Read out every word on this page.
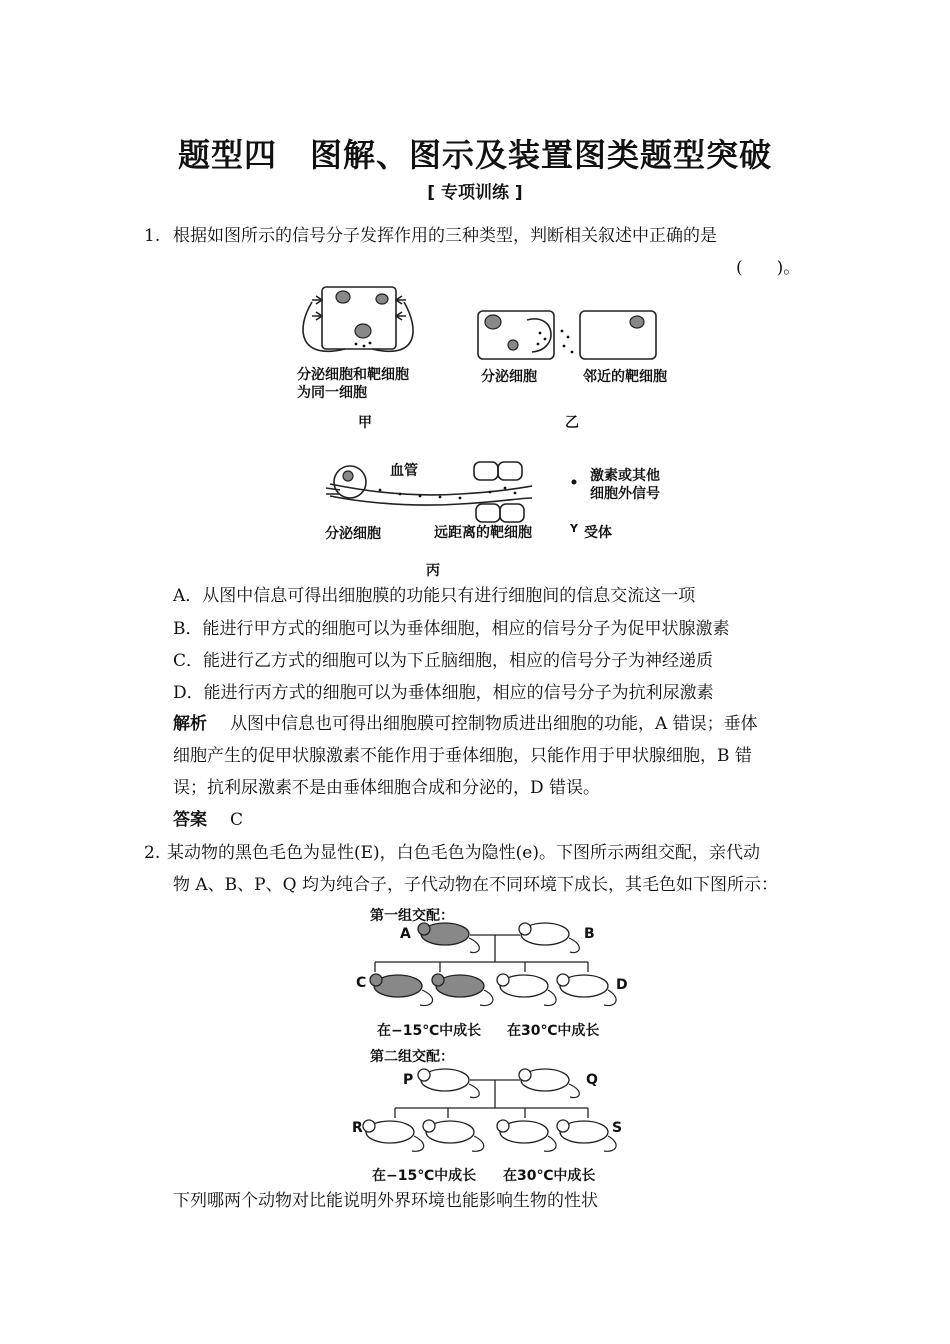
题型四　图解、图示及装置图类题型突破
[ 专项训练 ]
1. 根据如图所示的信号分子发挥作用的三种类型，判断相关叙述中正确的是
(　　)。
分泌细胞和靶细胞
为同一细胞
甲
分泌细胞	邻近的靶细胞
乙
血管
分泌细胞	远距离的靶细胞
丙
激素或其他
细胞外信号
Y 受体
A．从图中信息可得出细胞膜的功能只有进行细胞间的信息交流这一项
B．能进行甲方式的细胞可以为垂体细胞，相应的信号分子为促甲状腺激素
C．能进行乙方式的细胞可以为下丘脑细胞，相应的信号分子为神经递质
D．能进行丙方式的细胞可以为垂体细胞，相应的信号分子为抗利尿激素
解析 从图中信息也可得出细胞膜可控制物质进出细胞的功能，A 错误；垂体
细胞产生的促甲状腺激素不能作用于垂体细胞，只能作用于甲状腺细胞，B 错
误；抗利尿激素不是由垂体细胞合成和分泌的，D 错误。
答案 C
2. 某动物的黑色毛色为显性(E)，白色毛色为隐性(e)。下图所示两组交配，亲代动
物 A、B、P、Q 均为纯合子，子代动物在不同环境下成长，其毛色如下图所示：
第一组交配：
A	B
C	D
在−15℃中成长 在30℃中成长
第二组交配：
P	Q
R	S
在−15℃中成长 在30℃中成长
下列哪两个动物对比能说明外界环境也能影响生物的性状
